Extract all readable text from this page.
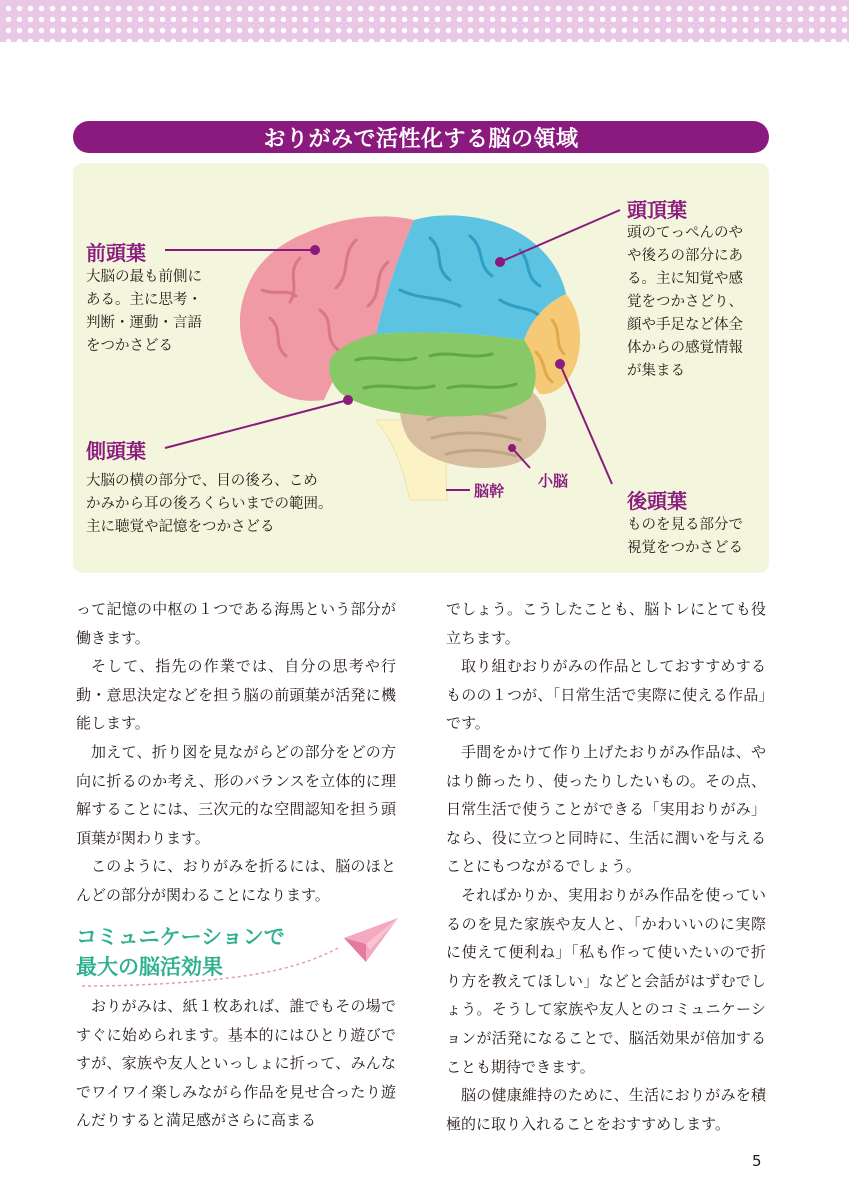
おりがみで活性化する脳の領域
前頭葉
大脳の最も前側に
ある。主に思考・
判断・運動・言語
をつかさどる
頭頂葉
頭のてっぺんのや
や後ろの部分にあ
る。主に知覚や感
覚をつかさどり、
顔や手足など体全
体からの感覚情報
が集まる
側頭葉
大脳の横の部分で、目の後ろ、こめ
かみから耳の後ろくらいまでの範囲。
主に聴覚や記憶をつかさどる
後頭葉
ものを見る部分で
視覚をつかさどる
小脳
脳幹

って記憶の中枢の１つである海馬という部分が働きます。

そして、指先の作業では、自分の思考や行動・意思決定などを担う脳の前頭葉が活発に機能します。

加えて、折り図を見ながらどの部分をどの方向に折るのか考え、形のバランスを立体的に理解することには、三次元的な空間認知を担う頭頂葉が関わります。

このように、おりがみを折るには、脳のほとんどの部分が関わることになります。

コミュニケーションで
最大の脳活効果

おりがみは、紙１枚あれば、誰でもその場ですぐに始められます。基本的にはひとり遊びですが、家族や友人といっしょに折って、みんなでワイワイ楽しみながら作品を見せ合ったり遊んだりすると満足感がさらに高まる

でしょう。こうしたことも、脳トレにとても役立ちます。

取り組むおりがみの作品としておすすめするものの１つが、「日常生活で実際に使える作品」です。

手間をかけて作り上げたおりがみ作品は、やはり飾ったり、使ったりしたいもの。その点、日常生活で使うことができる「実用おりがみ」なら、役に立つと同時に、生活に潤いを与えることにもつながるでしょう。

そればかりか、実用おりがみ作品を使っているのを見た家族や友人と、「かわいいのに実際に使えて便利ね」「私も作って使いたいので折り方を教えてほしい」などと会話がはずむでしょう。そうして家族や友人とのコミュニケーションが活発になることで、脳活効果が倍加することも期待できます。

脳の健康維持のために、生活におりがみを積極的に取り入れることをおすすめします。

5
